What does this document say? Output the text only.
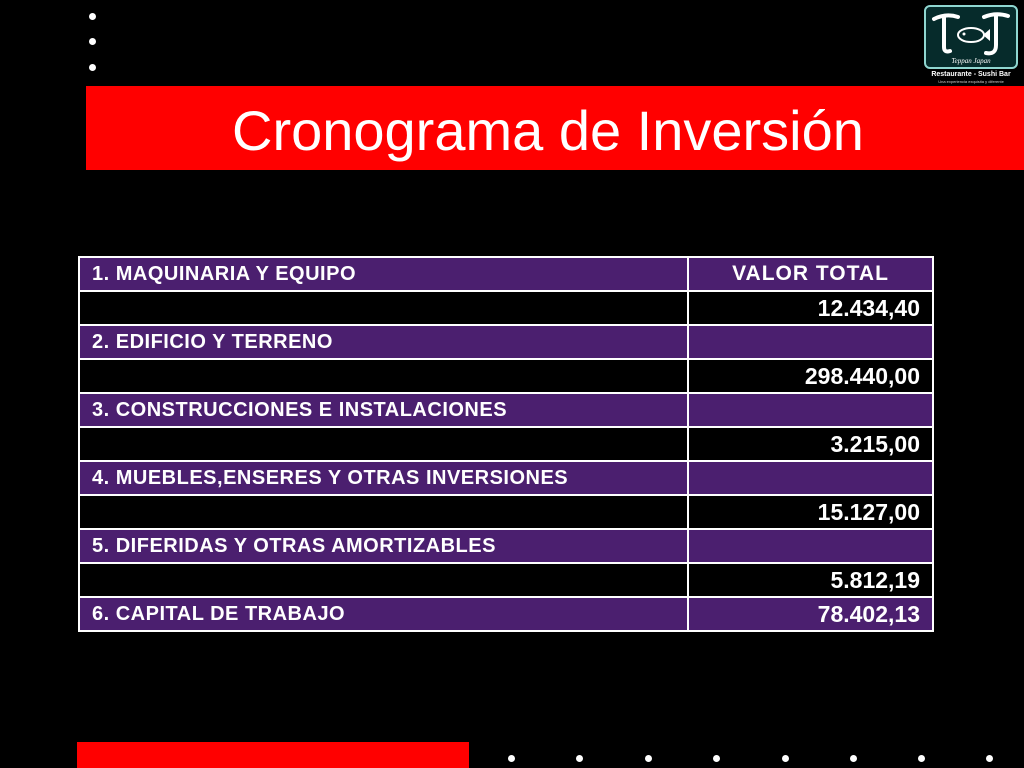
Cronograma de Inversión
Teppan Japan
Restaurante - Sushi Bar
Una experiencia exquisita y diferente
1. MAQUINARIA Y EQUIPO	VALOR TOTAL
	12.434,40
2. EDIFICIO Y TERRENO	
	298.440,00
3. CONSTRUCCIONES E INSTALACIONES	
	3.215,00
4. MUEBLES,ENSERES Y OTRAS INVERSIONES	
	15.127,00
5. DIFERIDAS Y OTRAS AMORTIZABLES	
	5.812,19
6. CAPITAL DE TRABAJO	78.402,13
